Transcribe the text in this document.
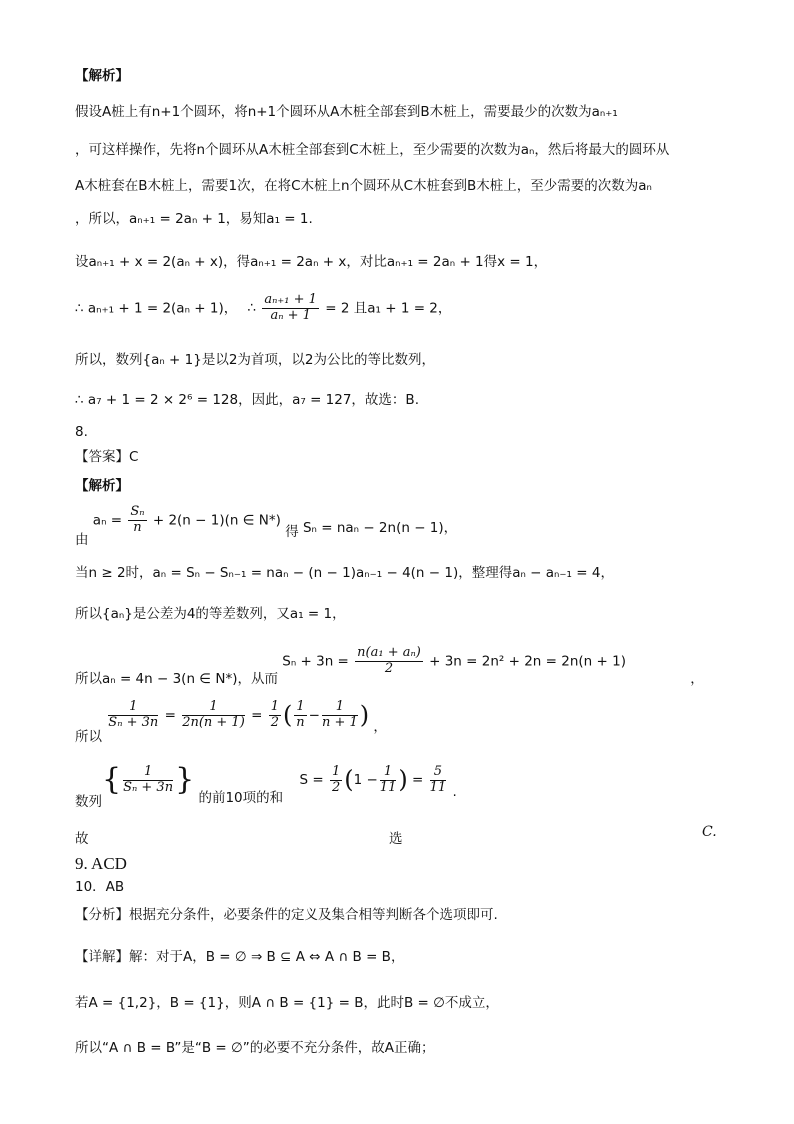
【解析】
假设A桩上有n+1个圆环，将n+1个圆环从A木桩全部套到B木桩上，需要最少的次数为aₙ₊₁
，可这样操作，先将n个圆环从A木桩全部套到C木桩上，至少需要的次数为aₙ，然后将最大的圆环从
A木桩套在B木桩上，需要1次，在将C木桩上n个圆环从C木桩套到B木桩上，至少需要的次数为aₙ
，所以，aₙ₊₁ = 2aₙ + 1，易知a₁ = 1.
设aₙ₊₁ + x = 2(aₙ + x)，得aₙ₊₁ = 2aₙ + x，对比aₙ₊₁ = 2aₙ + 1得x = 1，
∴ aₙ₊₁ + 1 = 2(aₙ + 1)， ∴ $\frac{\text{aₙ₊₁ + 1}}{\text{aₙ + 1}} = 2$ 且a₁ + 1 = 2，
所以，数列{aₙ + 1}是以2为首项，以2为公比的等比数列，
∴ a₇ + 1 = 2 × 2⁶ = 128，因此，a₇ = 127，故选：B.
8.
【答案】C
【解析】
由 $a_n = \frac{\text{Sₙ}}{n} + 2(n - 1)(n$ ∈ N*) 得 Sₙ = naₙ − 2n(n − 1)，
当n ≥ 2时，aₙ = Sₙ − Sₙ₋₁ = naₙ − (n − 1)aₙ₋₁ − 4(n − 1)，整理得aₙ − aₙ₋₁ = 4，
所以{aₙ}是公差为4的等差数列，又a₁ = 1，
所以aₙ = 4n − 3(n ∈ N*)，从而 $S_n + 3n = \frac{\text{n(a₁ + aₙ)}}{2} + 3n = 2n^2 + 2n = 2n(n + 1)$ ，
所以
$\frac{1}{\text{Sₙ + 3n}} = \frac{1}{2n(n + 1)} = \frac{1}{2}$ ( $\frac{1}{n} - \frac{1}{n + 1}$ ) ，
数列{ $\frac{1}{\text{Sₙ + 3n}}$ } 的前10项的和 $S = \frac{1}{2} (1 - \frac{1}{11}$ ) = $\frac{5}{11}$ .
故	选	C.
9. ACD
10．AB
【分析】根据充分条件，必要条件的定义及集合相等判断各个选项即可.
【详解】解：对于A，B = ∅ ⇒ B ⊆ A ⇔ A ∩ B = B，
若A = {1,2}，B = {1}，则A ∩ B = {1} = B，此时B = ∅不成立，
所以“A ∩ B = B”是“B = ∅”的必要不充分条件，故A正确；
